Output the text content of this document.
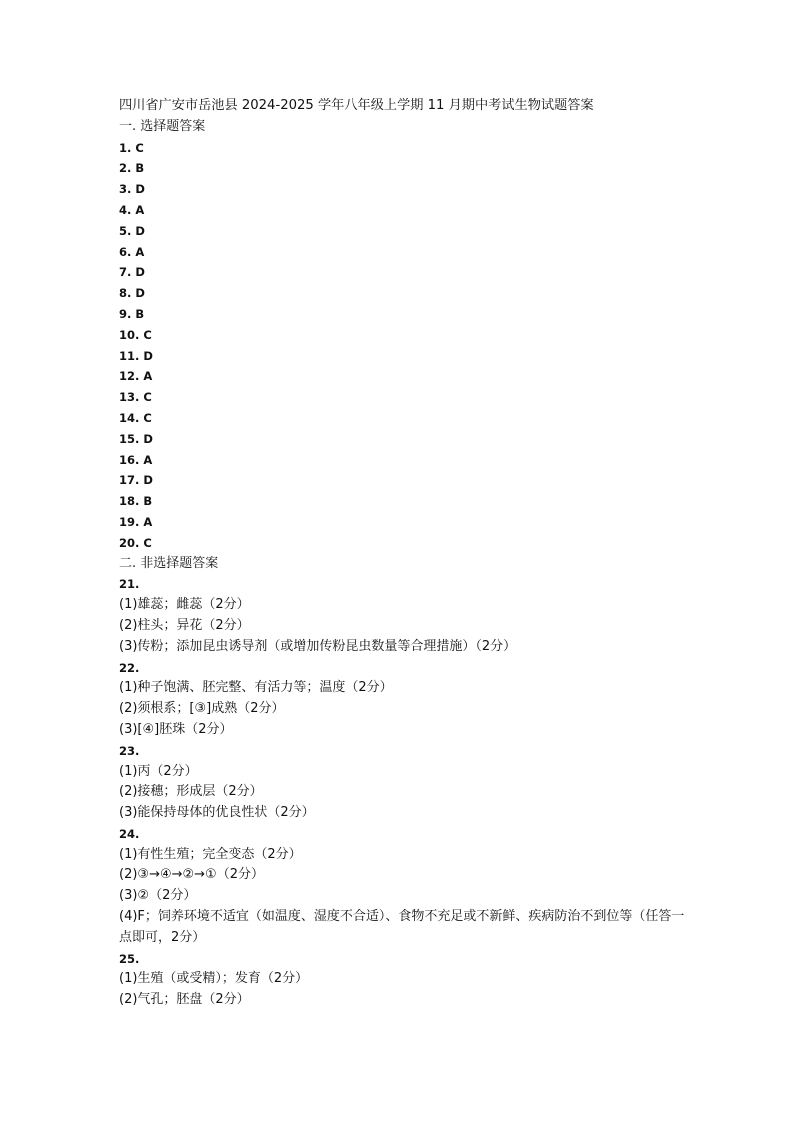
四川省广安市岳池县 2024-2025 学年八年级上学期 11 月期中考试生物试题答案
一. 选择题答案
1. C
2. B
3. D
4. A
5. D
6. A
7. D
8. D
9. B
10. C
11. D
12. A
13. C
14. C
15. D
16. A
17. D
18. B
19. A
20. C
二. 非选择题答案
21.
(1)雄蕊；雌蕊（2分）
(2)柱头；异花（2分）
(3)传粉；添加昆虫诱导剂（或增加传粉昆虫数量等合理措施）（2分）
22.
(1)种子饱满、胚完整、有活力等；温度（2分）
(2)须根系；[③]成熟（2分）
(3)[④]胚珠（2分）
23.
(1)丙（2分）
(2)接穗；形成层（2分）
(3)能保持母体的优良性状（2分）
24.
(1)有性生殖；完全变态（2分）
(2)③→④→②→①（2分）
(3)②（2分）
(4)F；饲养环境不适宜（如温度、湿度不合适）、食物不充足或不新鲜、疾病防治不到位等（任答一点即可，2分）
25.
(1)生殖（或受精）；发育（2分）
(2)气孔；胚盘（2分）
